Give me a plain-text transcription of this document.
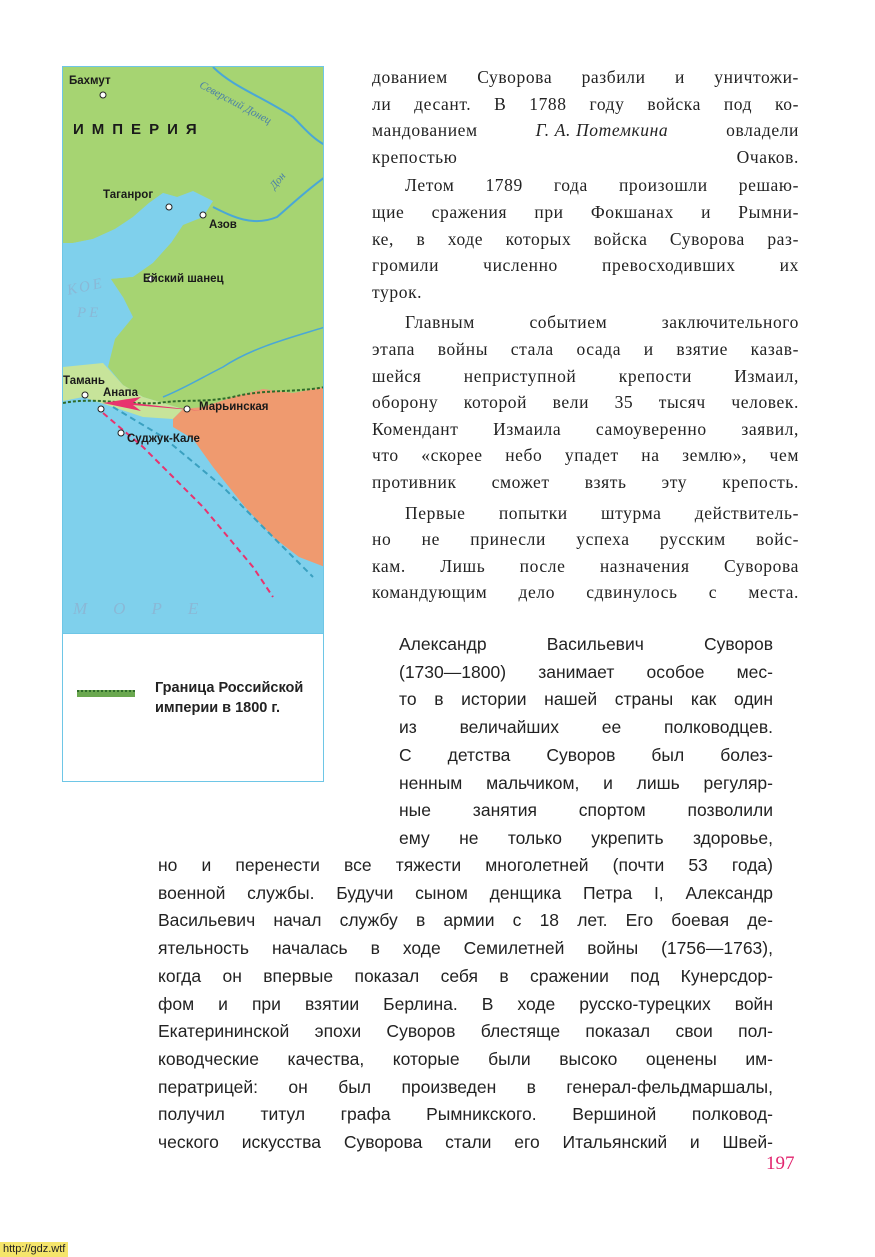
Бахмут	Северский Донец
ИМПЕРИЯ
Дон
Таганрог
Азов
Ейский шанец
КОЕ
РЕ
Тамань
Анапа
Марьинская
Суджук-Кале
МОРЕ
Граница Российской империи в 1800 г.

дованием Суворова разбили и уничтожи-
ли десант. В 1788 году войска под ко-
мандованием	Г. А. Потемкина	овладели
крепостью Очаков.

Летом 1789 года произошли решаю-
щие сражения при Фокшанах и Рымни-
ке, в ходе которых войска Суворова раз-
громили численно превосходивших их
турок.

Главным событием заключительного
этапа войны стала осада и взятие казав-
шейся неприступной крепости Измаил,
оборону которой вели 35 тысяч человек.
Комендант Измаила самоуверенно заявил,
что «скорее небо упадет на землю», чем
противник сможет взять эту крепость.

Первые попытки штурма действитель-
но не принесли успеха русским войс-
кам. Лишь после назначения Суворова
командующим дело сдвинулось с места.

Александр Васильевич Суворов
(1730—1800) занимает особое мес-
то в истории нашей страны как один
из величайших ее полководцев.
С детства Суворов был болез-
ненным мальчиком, и лишь регуляр-
ные занятия спортом позволили
ему не только укрепить здоровье,
но и перенести все тяжести многолетней (почти 53 года)
военной службы. Будучи сыном денщика Петра I, Александр
Васильевич начал службу в армии с 18 лет. Его боевая де-
ятельность началась в ходе Семилетней войны (1756—1763),
когда он впервые показал себя в сражении под Кунерсдор-
фом и при взятии Берлина. В ходе русско-турецких войн
Екатерининской эпохи Суворов блестяще показал свои пол-
ководческие качества, которые были высоко оценены им-
ператрицей: он был произведен в генерал-фельдмаршалы,
получил титул графа Рымникского. Вершиной полковод-
ческого искусства Суворова стали его Итальянский и Швей-
197
http://gdz.wtf
